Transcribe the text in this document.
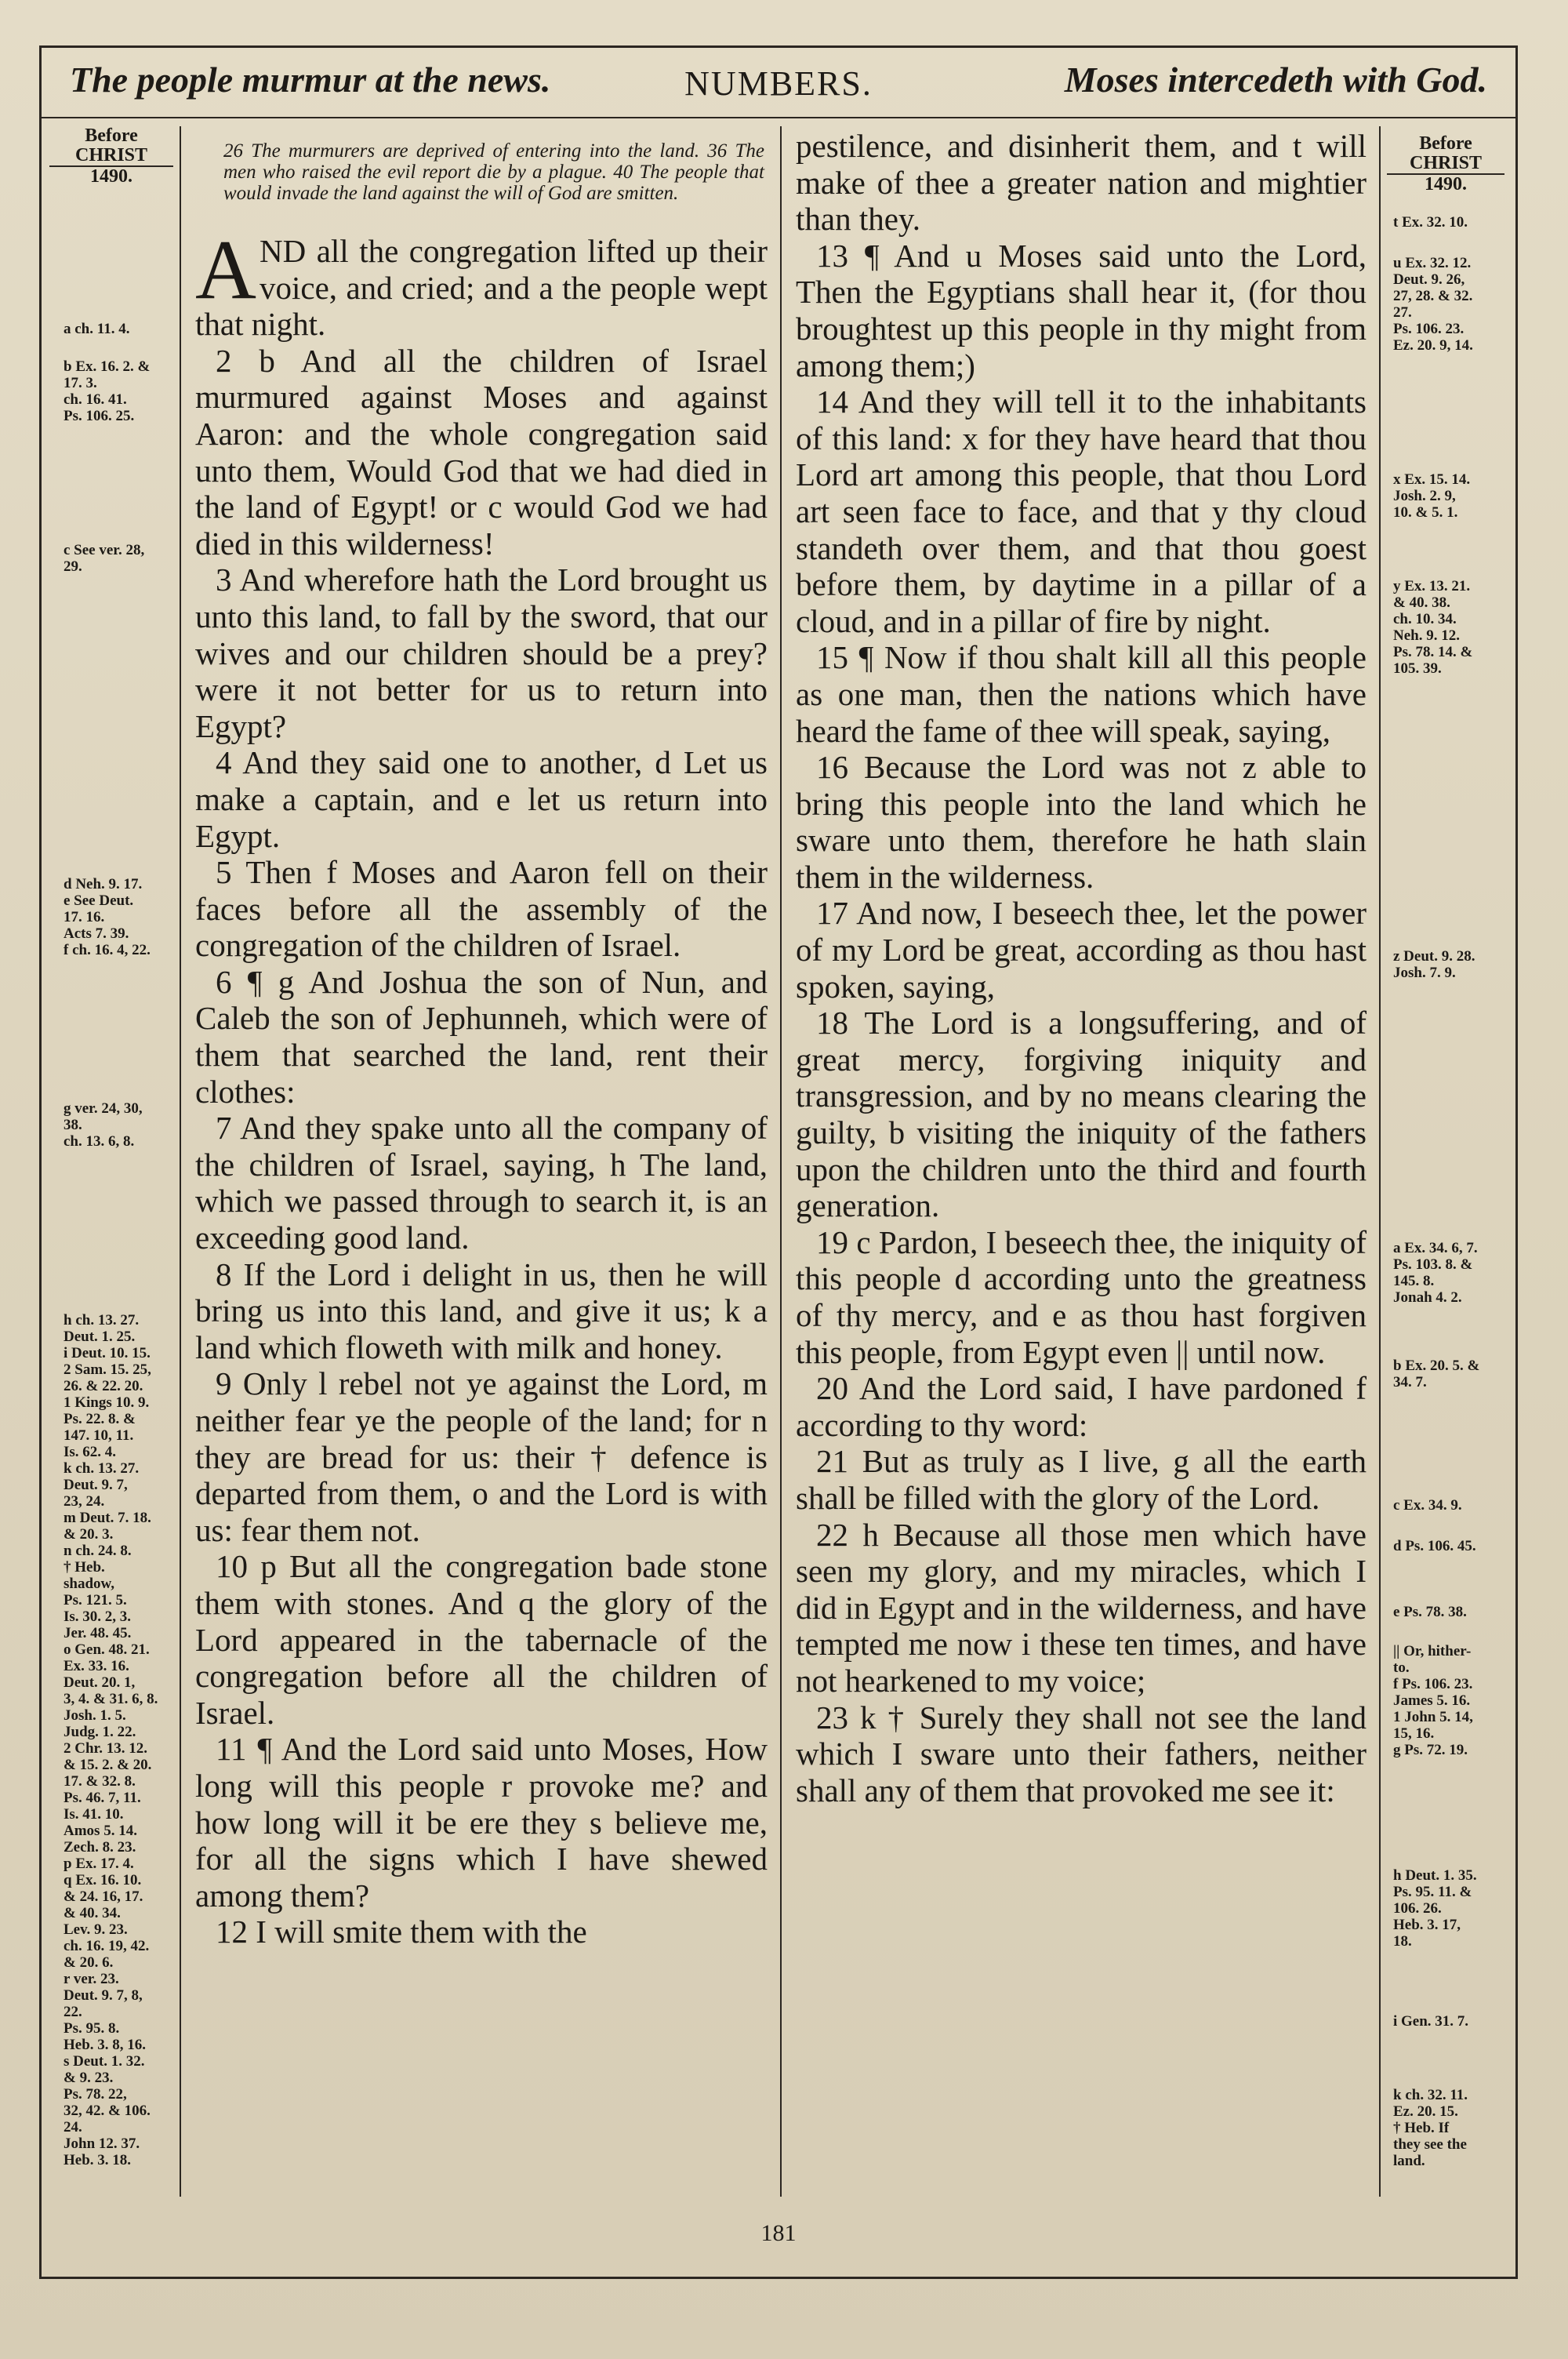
The people murmur at the news.	NUMBERS.	Moses intercedeth with God.
Before
CHRIST

1490.
Before
CHRIST

1490.
a ch. 11. 4.
b Ex. 16. 2. &
17. 3.
ch. 16. 41.
Ps. 106. 25.
c See ver. 28,
29.
d Neh. 9. 17.
e See Deut.
17. 16.
Acts 7. 39.
f ch. 16. 4, 22.
g ver. 24, 30,
38.
ch. 13. 6, 8.
h ch. 13. 27.
Deut. 1. 25.
i Deut. 10. 15.
2 Sam. 15. 25,
26. & 22. 20.
1 Kings 10. 9.
Ps. 22. 8. &
147. 10, 11.
Is. 62. 4.
k ch. 13. 27.
Deut. 9. 7,
23, 24.
m Deut. 7. 18.
& 20. 3.
n ch. 24. 8.
† Heb.
shadow,
Ps. 121. 5.
Is. 30. 2, 3.
Jer. 48. 45.
o Gen. 48. 21.
Ex. 33. 16.
Deut. 20. 1,
3, 4. & 31. 6, 8.
Josh. 1. 5.
Judg. 1. 22.
2 Chr. 13. 12.
& 15. 2. & 20.
17. & 32. 8.
Ps. 46. 7, 11.
Is. 41. 10.
Amos 5. 14.
Zech. 8. 23.
p Ex. 17. 4.
q Ex. 16. 10.
& 24. 16, 17.
& 40. 34.
Lev. 9. 23.
ch. 16. 19, 42.
& 20. 6.
r ver. 23.
Deut. 9. 7, 8,
22.
Ps. 95. 8.
Heb. 3. 8, 16.
s Deut. 1. 32.
& 9. 23.
Ps. 78. 22,
32, 42. & 106.
24.
John 12. 37.
Heb. 3. 18.
t Ex. 32. 10.
u Ex. 32. 12.
Deut. 9. 26,
27, 28. & 32.
27.
Ps. 106. 23.
Ez. 20. 9, 14.
x Ex. 15. 14.
Josh. 2. 9,
10. & 5. 1.
y Ex. 13. 21.
& 40. 38.
ch. 10. 34.
Neh. 9. 12.
Ps. 78. 14. &
105. 39.
z Deut. 9. 28.
Josh. 7. 9.
a Ex. 34. 6, 7.
Ps. 103. 8. &
145. 8.
Jonah 4. 2.
b Ex. 20. 5. &
34. 7.
c Ex. 34. 9.
d Ps. 106. 45.
e Ps. 78. 38.
|| Or, hither-
to.
f Ps. 106. 23.
James 5. 16.
1 John 5. 14,
15, 16.
g Ps. 72. 19.
h Deut. 1. 35.
Ps. 95. 11. &
106. 26.
Heb. 3. 17,
18.
i Gen. 31. 7.
k ch. 32. 11.
Ez. 20. 15.
† Heb. If
they see the
land.
26 The murmurers are deprived of entering into the land. 36 The men who raised the evil report die by a plague. 40 The people that would invade the land against the will of God are smitten.

AND all the congregation lifted up their voice, and cried; and a the people wept that night.

2 b And all the children of Israel murmured against Moses and against Aaron: and the whole congregation said unto them, Would God that we had died in the land of Egypt! or c would God we had died in this wilderness!

3 And wherefore hath the Lord brought us unto this land, to fall by the sword, that our wives and our children should be a prey? were it not better for us to return into Egypt?

4 And they said one to another, d Let us make a captain, and e let us return into Egypt.

5 Then f Moses and Aaron fell on their faces before all the assembly of the congregation of the children of Israel.

6 ¶ g And Joshua the son of Nun, and Caleb the son of Jephunneh, which were of them that searched the land, rent their clothes:

7 And they spake unto all the company of the children of Israel, saying, h The land, which we passed through to search it, is an exceeding good land.

8 If the Lord i delight in us, then he will bring us into this land, and give it us; k a land which floweth with milk and honey.

9 Only l rebel not ye against the Lord, m neither fear ye the people of the land; for n they are bread for us: their † defence is departed from them, o and the Lord is with us: fear them not.

10 p But all the congregation bade stone them with stones. And q the glory of the Lord appeared in the tabernacle of the congregation before all the children of Israel.

11 ¶ And the Lord said unto Moses, How long will this people r provoke me? and how long will it be ere they s believe me, for all the signs which I have shewed among them?

12 I will smite them with the

pestilence, and disinherit them, and t will make of thee a greater nation and mightier than they.

13 ¶ And u Moses said unto the Lord, Then the Egyptians shall hear it, (for thou broughtest up this people in thy might from among them;)

14 And they will tell it to the inhabitants of this land: x for they have heard that thou Lord art among this people, that thou Lord art seen face to face, and that y thy cloud standeth over them, and that thou goest before them, by daytime in a pillar of a cloud, and in a pillar of fire by night.

15 ¶ Now if thou shalt kill all this people as one man, then the nations which have heard the fame of thee will speak, saying,

16 Because the Lord was not z able to bring this people into the land which he sware unto them, therefore he hath slain them in the wilderness.

17 And now, I beseech thee, let the power of my Lord be great, according as thou hast spoken, saying,

18 The Lord is a longsuffering, and of great mercy, forgiving iniquity and transgression, and by no means clearing the guilty, b visiting the iniquity of the fathers upon the children unto the third and fourth generation.

19 c Pardon, I beseech thee, the iniquity of this people d according unto the greatness of thy mercy, and e as thou hast forgiven this people, from Egypt even || until now.

20 And the Lord said, I have pardoned f according to thy word:

21 But as truly as I live, g all the earth shall be filled with the glory of the Lord.

22 h Because all those men which have seen my glory, and my miracles, which I did in Egypt and in the wilderness, and have tempted me now i these ten times, and have not hearkened to my voice;

23 k † Surely they shall not see the land which I sware unto their fathers, neither shall any of them that provoked me see it:

181
